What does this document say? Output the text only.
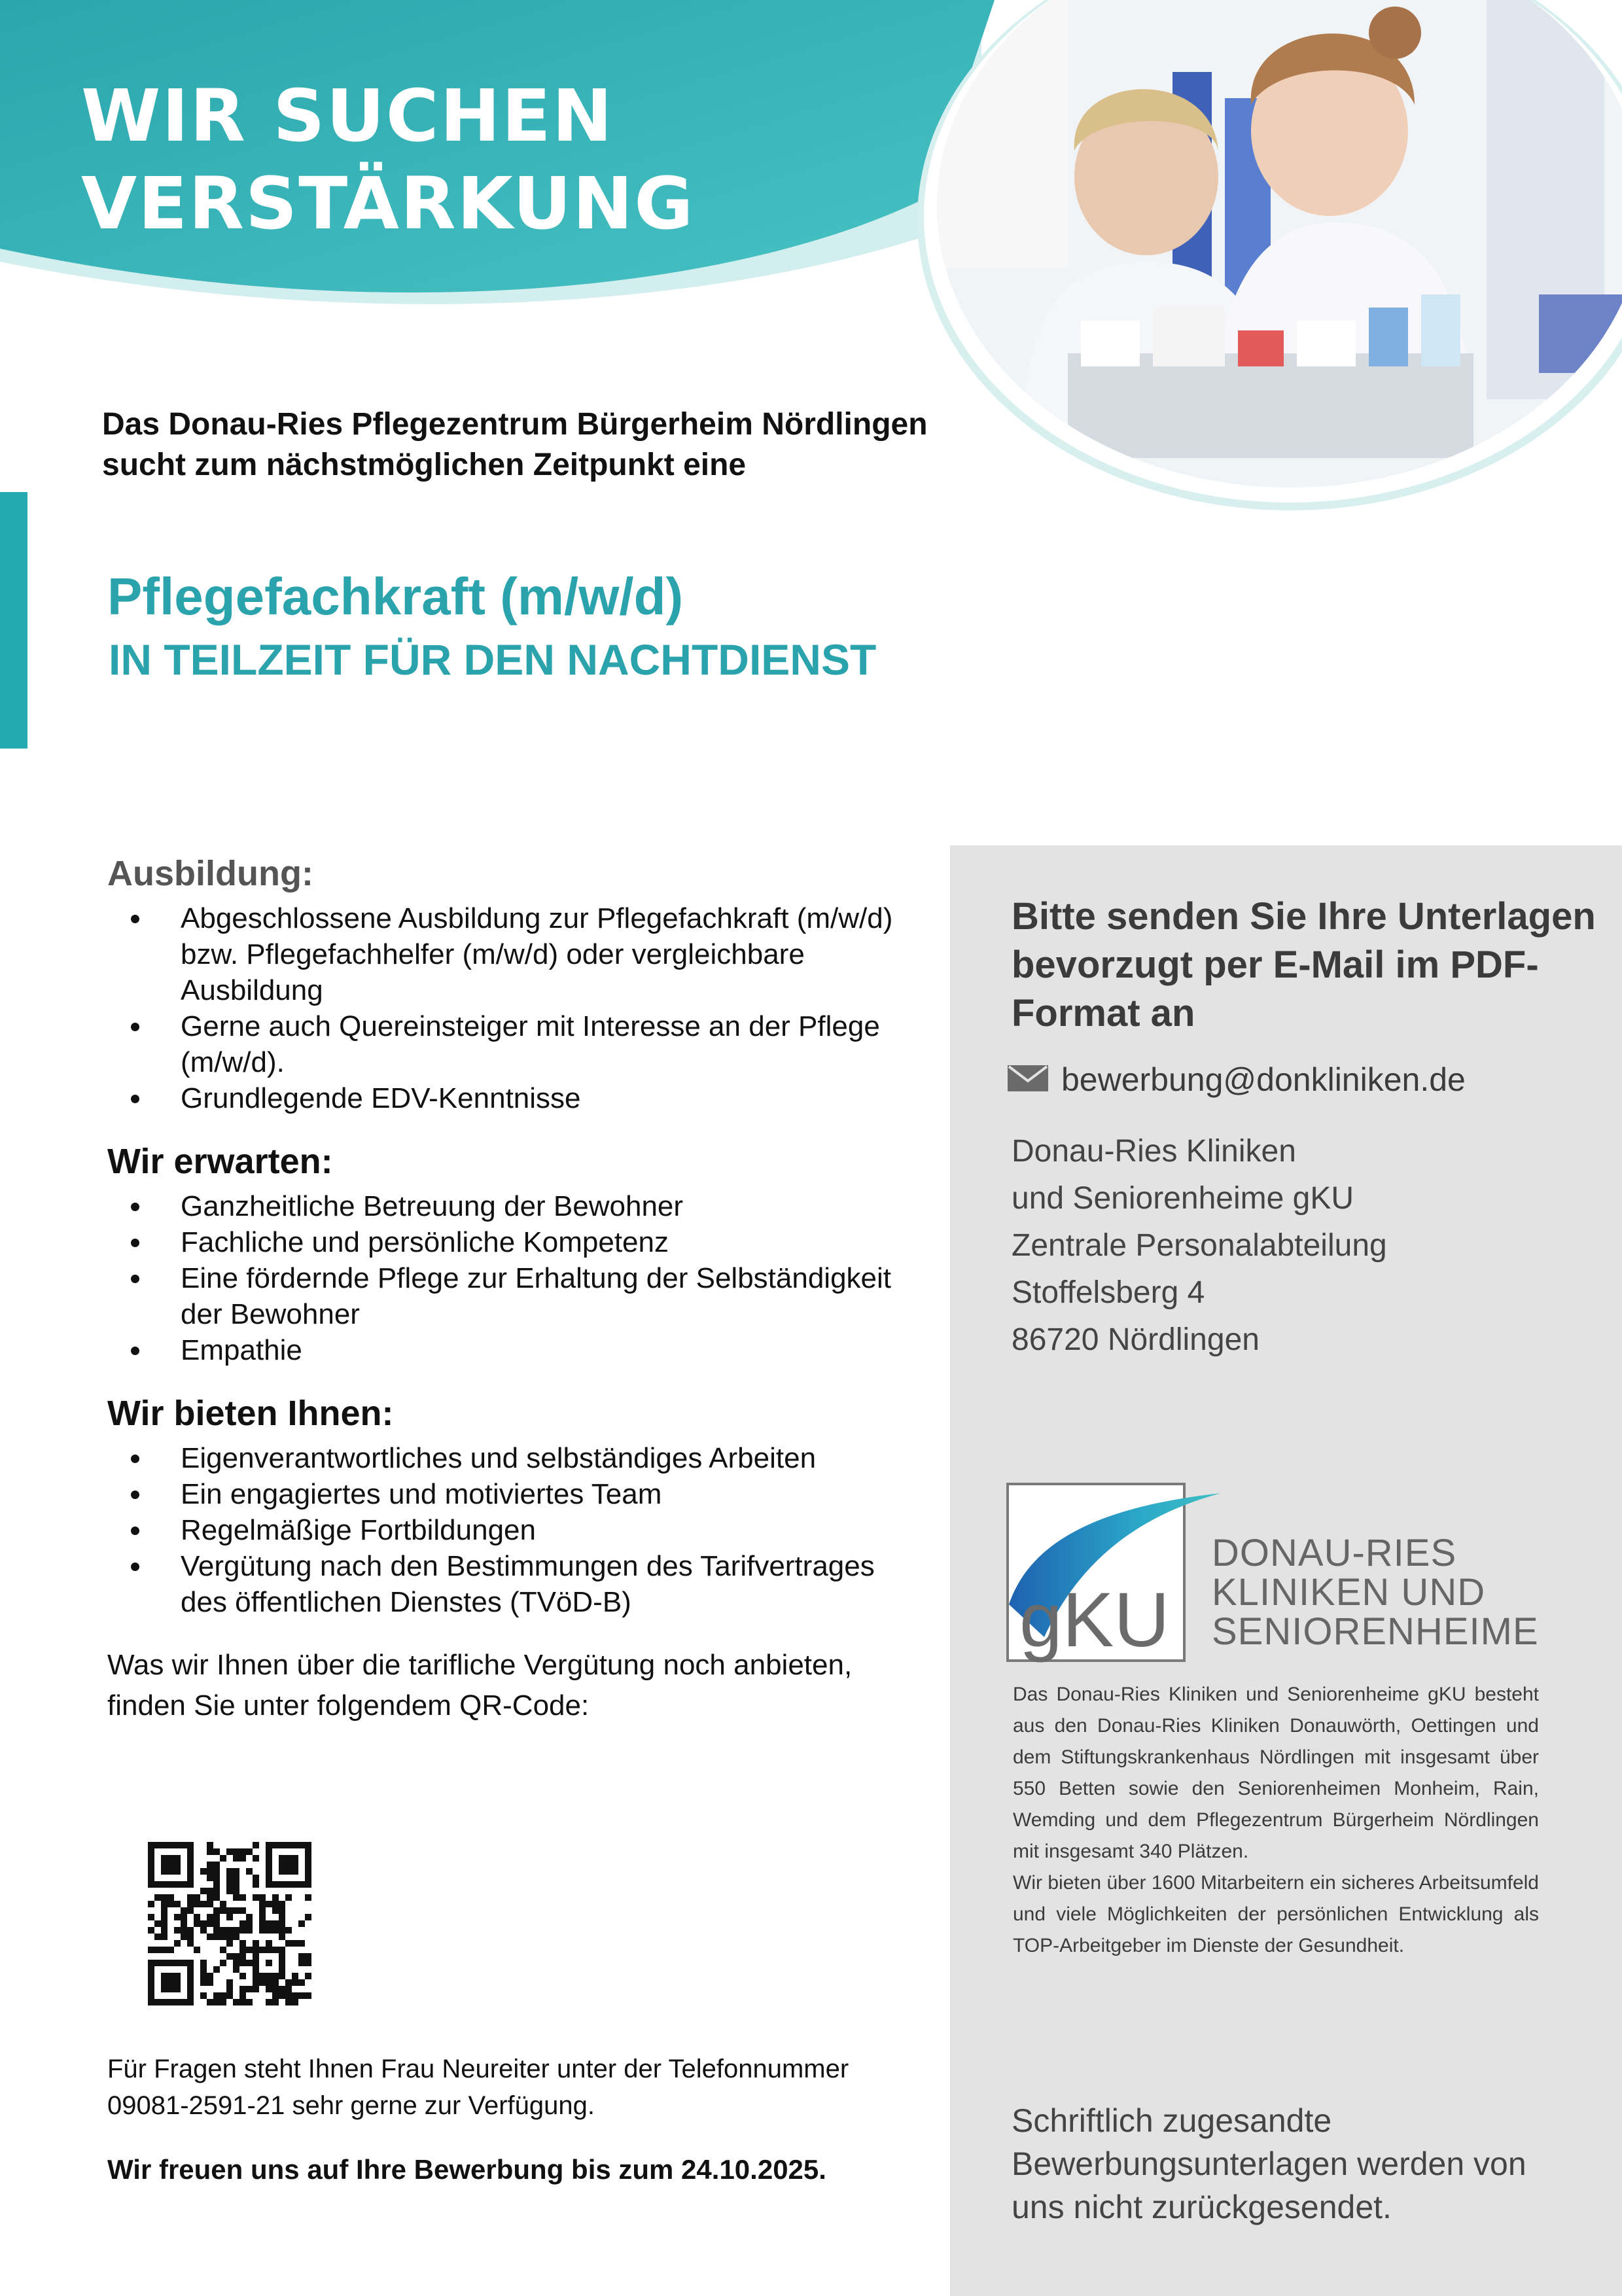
WIR SUCHEN
VERSTÄRKUNG

Das Donau-Ries Pflegezentrum Bürgerheim Nördlingen sucht zum nächstmöglichen Zeitpunkt eine

Pflegefachkraft (m/w/d)
IN TEILZEIT FÜR DEN NACHTDIENST
Ausbildung:
Abgeschlossene Ausbildung zur Pflegefachkraft (m/w/d) bzw. Pflegefachhelfer (m/w/d) oder vergleichbare Ausbildung
Gerne auch Quereinsteiger mit Interesse an der Pflege (m/w/d).
Grundlegende EDV-Kenntnisse
Wir erwarten:
Ganzheitliche Betreuung der Bewohner
Fachliche und persönliche Kompetenz
Eine fördernde Pflege zur Erhaltung der Selbständigkeit der Bewohner
Empathie
Wir bieten Ihnen:
Eigenverantwortliches und selbständiges Arbeiten
Ein engagiertes und motiviertes Team
Regelmäßige Fortbildungen
Vergütung nach den Bestimmungen des Tarifvertrages des öffentlichen Dienstes (TVöD-B)

Was wir Ihnen über die tarifliche Vergütung noch anbieten, finden Sie unter folgendem QR-Code:

Für Fragen steht Ihnen Frau Neureiter unter der Telefonnummer
09081-2591-21 sehr gerne zur Verfügung.

Wir freuen uns auf Ihre Bewerbung bis zum 24.10.2025.

Bitte senden Sie Ihre Unterlagen bevorzugt per E-Mail im PDF-Format an

bewerbung@donkliniken.de

Donau-Ries Kliniken
und Seniorenheime gKU
Zentrale Personalabteilung
Stoffelsberg 4
86720 Nördlingen
gKU
DONAU-RIES
KLINIKEN UND
SENIORENHEIME

Das Donau-Ries Kliniken und Seniorenheime gKU besteht aus den Donau-Ries Kliniken Donauwörth, Oettingen und dem Stiftungskrankenhaus Nördlingen mit insgesamt über 550 Betten sowie den Seniorenheimen Monheim, Rain, Wemding und dem Pflegezentrum Bürgerheim Nördlingen mit insgesamt 340 Plätzen.

Wir bieten über 1600 Mitarbeitern ein sicheres Arbeitsumfeld und viele Möglichkeiten der persönlichen Entwicklung als TOP-Arbeitgeber im Dienste der Gesundheit.

Schriftlich zugesandte Bewerbungsunterlagen werden von uns nicht zurückgesendet.
